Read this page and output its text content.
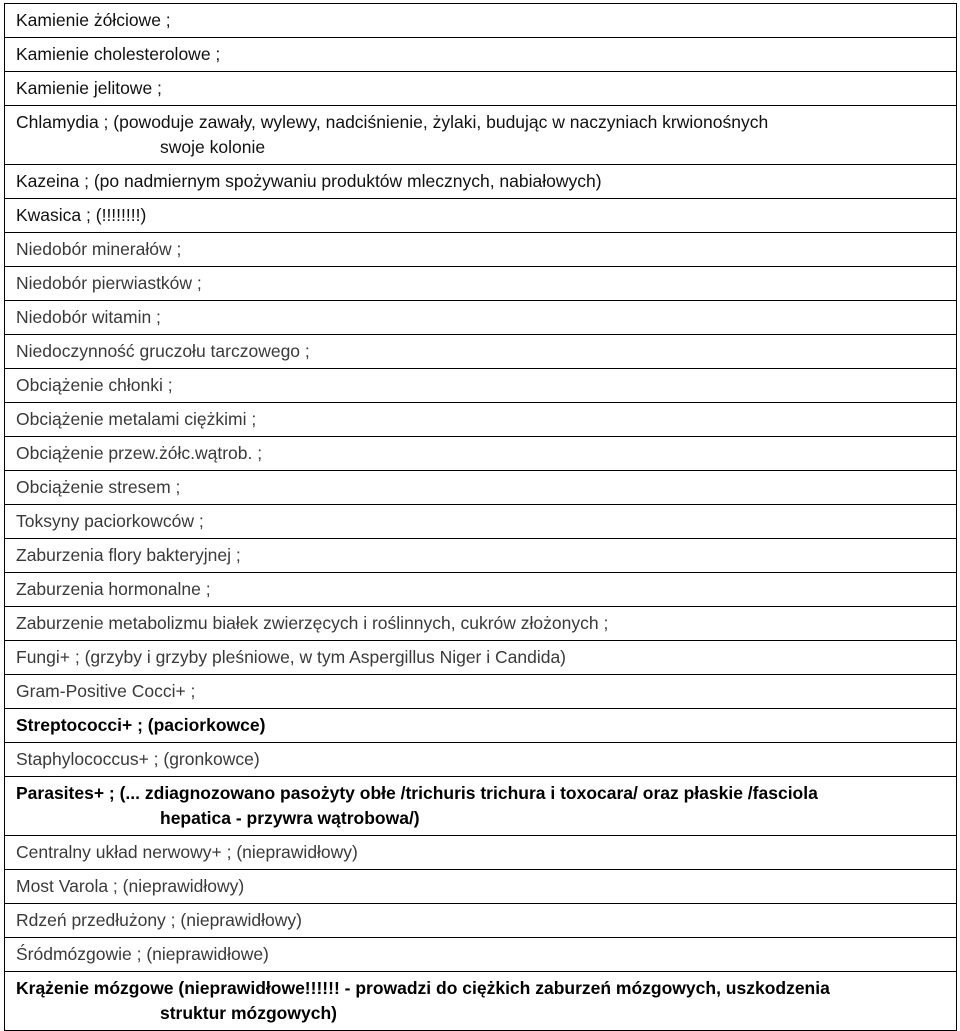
Kamienie żółciowe ;
Kamienie cholesterolowe ;
Kamienie jelitowe ;
Chlamydia ; (powoduje zawały, wylewy, nadciśnienie, żylaki, budując w naczyniach krwionośnych
swoje kolonie

Kazeina ; (po nadmiernym spożywaniu produktów mlecznych, nabiałowych)
Kwasica ; (!!!!!!!!)
Niedobór minerałów ;
Niedobór pierwiastków ;
Niedobór witamin ;
Niedoczynność gruczołu tarczowego ;
Obciążenie chłonki ;
Obciążenie metalami ciężkimi ;
Obciążenie przew.żółc.wątrob. ;
Obciążenie stresem ;
Toksyny paciorkowców ;
Zaburzenia flory bakteryjnej ;
Zaburzenia hormonalne ;
Zaburzenie metabolizmu białek zwierzęcych i roślinnych, cukrów złożonych ;
Fungi+ ; (grzyby i grzyby pleśniowe, w tym Aspergillus Niger i Candida)
Gram-Positive Cocci+ ;
Streptococci+ ; (paciorkowce)
Staphylococcus+ ; (gronkowce)
Parasites+ ; (... zdiagnozowano pasożyty obłe /trichuris trichura i toxocara/ oraz płaskie /fasciola
hepatica - przywra wątrobowa/)

Centralny układ nerwowy+ ; (nieprawidłowy)
Most Varola ; (nieprawidłowy)
Rdzeń przedłużony ; (nieprawidłowy)
Śródmózgowie ; (nieprawidłowe)
Krążenie mózgowe (nieprawidłowe!!!!!! - prowadzi do ciężkich zaburzeń mózgowych, uszkodzenia
struktur mózgowych)
